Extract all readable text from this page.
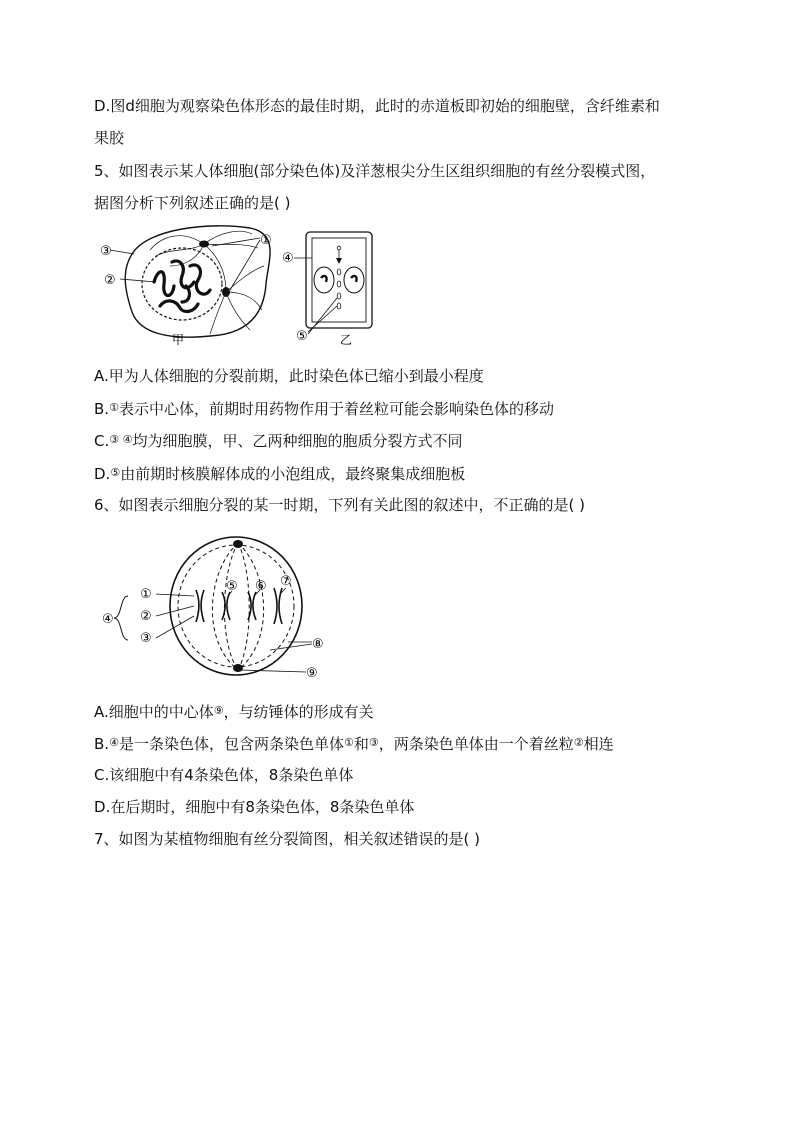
D.图d细胞为观察染色体形态的最佳时期，此时的赤道板即初始的细胞壁，含纤维素和
果胶
5、如图表示某人体细胞(部分染色体)及洋葱根尖分生区组织细胞的有丝分裂模式图，
据图分析下列叙述正确的是( )
③
②
①
甲
④
⑤	乙
A.甲为人体细胞的分裂前期，此时染色体已缩小到最小程度
B.①表示中心体，前期时用药物作用于着丝粒可能会影响染色体的移动
C.③ ④均为细胞膜，甲、乙两种细胞的胞质分裂方式不同
D.⑤由前期时核膜解体成的小泡组成，最终聚集成细胞板
6、如图表示细胞分裂的某一时期，下列有关此图的叙述中，不正确的是( )
①
②
③
④
⑤ ⑥ ⑦
⑧
⑨
A.细胞中的中心体⑨，与纺锤体的形成有关
B.④是一条染色体，包含两条染色单体①和③，两条染色单体由一个着丝粒②相连
C.该细胞中有4条染色体，8条染色单体
D.在后期时，细胞中有8条染色体，8条染色单体
7、如图为某植物细胞有丝分裂简图，相关叙述错误的是( )
